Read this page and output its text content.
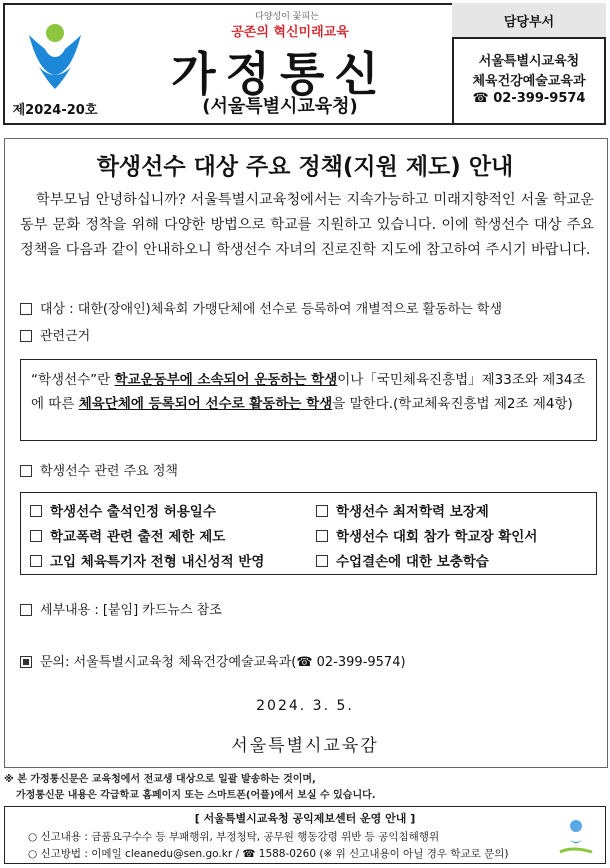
제2024-20호
다양성이 꽃피는
공존의 혁신미래교육
가정통신
(서울특별시교육청)
담당부서
서울특별시교육청
체육건강예술교육과
☎ 02-399-9574
학생선수 대상 주요 정책(지원 제도) 안내
학부모님 안녕하십니까? 서울특별시교육청에서는 지속가능하고 미래지향적인 서울 학교운동부 문화 정착을 위해 다양한 방법으로 학교를 지원하고 있습니다. 이에 학생선수 대상 주요 정책을 다음과 같이 안내하오니 학생선수 자녀의 진로진학 지도에 참고하여 주시기 바랍니다.
대상 : 대한(장애인)체육회 가맹단체에 선수로 등록하여 개별적으로 활동하는 학생
관련근거
“학생선수”란 학교운동부에 소속되어 운동하는 학생이나「국민체육진흥법」제33조와 제34조에 따른 체육단체에 등록되어 선수로 활동하는 학생을 말한다.(학교체육진흥법 제2조 제4항)
학생선수 관련 주요 정책
학생선수 출석인정 허용일수	학생선수 최저학력 보장제
학교폭력 관련 출전 제한 제도	학생선수 대회 참가 학교장 확인서
고입 체육특기자 전형 내신성적 반영	수업결손에 대한 보충학습
세부내용 : [붙임] 카드뉴스 참조
문의: 서울특별시교육청 체육건강예술교육과(☎ 02-399-9574)
2024. 3. 5.
서울특별시교육감
※ 본 가정통신문은 교육청에서 전교생 대상으로 일괄 발송하는 것이며,
가정통신문 내용은 각급학교 홈페이지 또는 스마트폰(어플)에서 보실 수 있습니다.
[ 서울특별시교육청 공익제보센터 운영 안내 ]
○ 신고내용 : 금품요구수수 등 부패행위, 부정청탁, 공무원 행동강령 위반 등 공익침해행위
○ 신고방법 : 이메일 cleanedu@sen.go.kr / ☎ 1588-0260 (※ 위 신고내용이 아닐 경우 학교로 문의)
